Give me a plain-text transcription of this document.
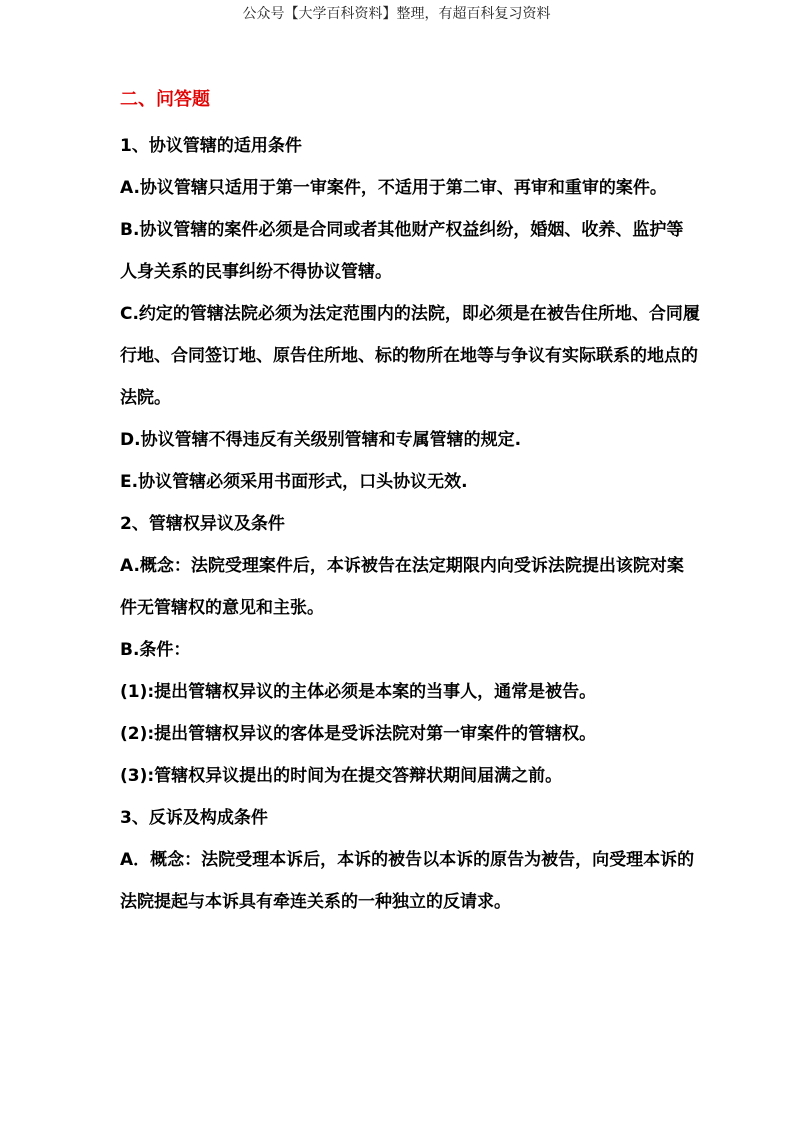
公众号【大学百科资料】整理，有超百科复习资料
二、问答题

1、协议管辖的适用条件

A.协议管辖只适用于第一审案件，不适用于第二审、再审和重审的案件。

B.协议管辖的案件必须是合同或者其他财产权益纠纷，婚姻、收养、监护等人身关系的民事纠纷不得协议管辖。

C.约定的管辖法院必须为法定范围内的法院，即必须是在被告住所地、合同履行地、合同签订地、原告住所地、标的物所在地等与争议有实际联系的地点的法院。

D.协议管辖不得违反有关级别管辖和专属管辖的规定.

E.协议管辖必须采用书面形式，口头协议无效.

2、管辖权异议及条件

A.概念：法院受理案件后，本诉被告在法定期限内向受诉法院提出该院对案件无管辖权的意见和主张。

B.条件：

(1):提出管辖权异议的主体必须是本案的当事人，通常是被告。

(2):提出管辖权异议的客体是受诉法院对第一审案件的管辖权。

(3):管辖权异议提出的时间为在提交答辩状期间届满之前。

3、反诉及构成条件

A．概念：法院受理本诉后，本诉的被告以本诉的原告为被告，向受理本诉的法院提起与本诉具有牵连关系的一种独立的反请求。
